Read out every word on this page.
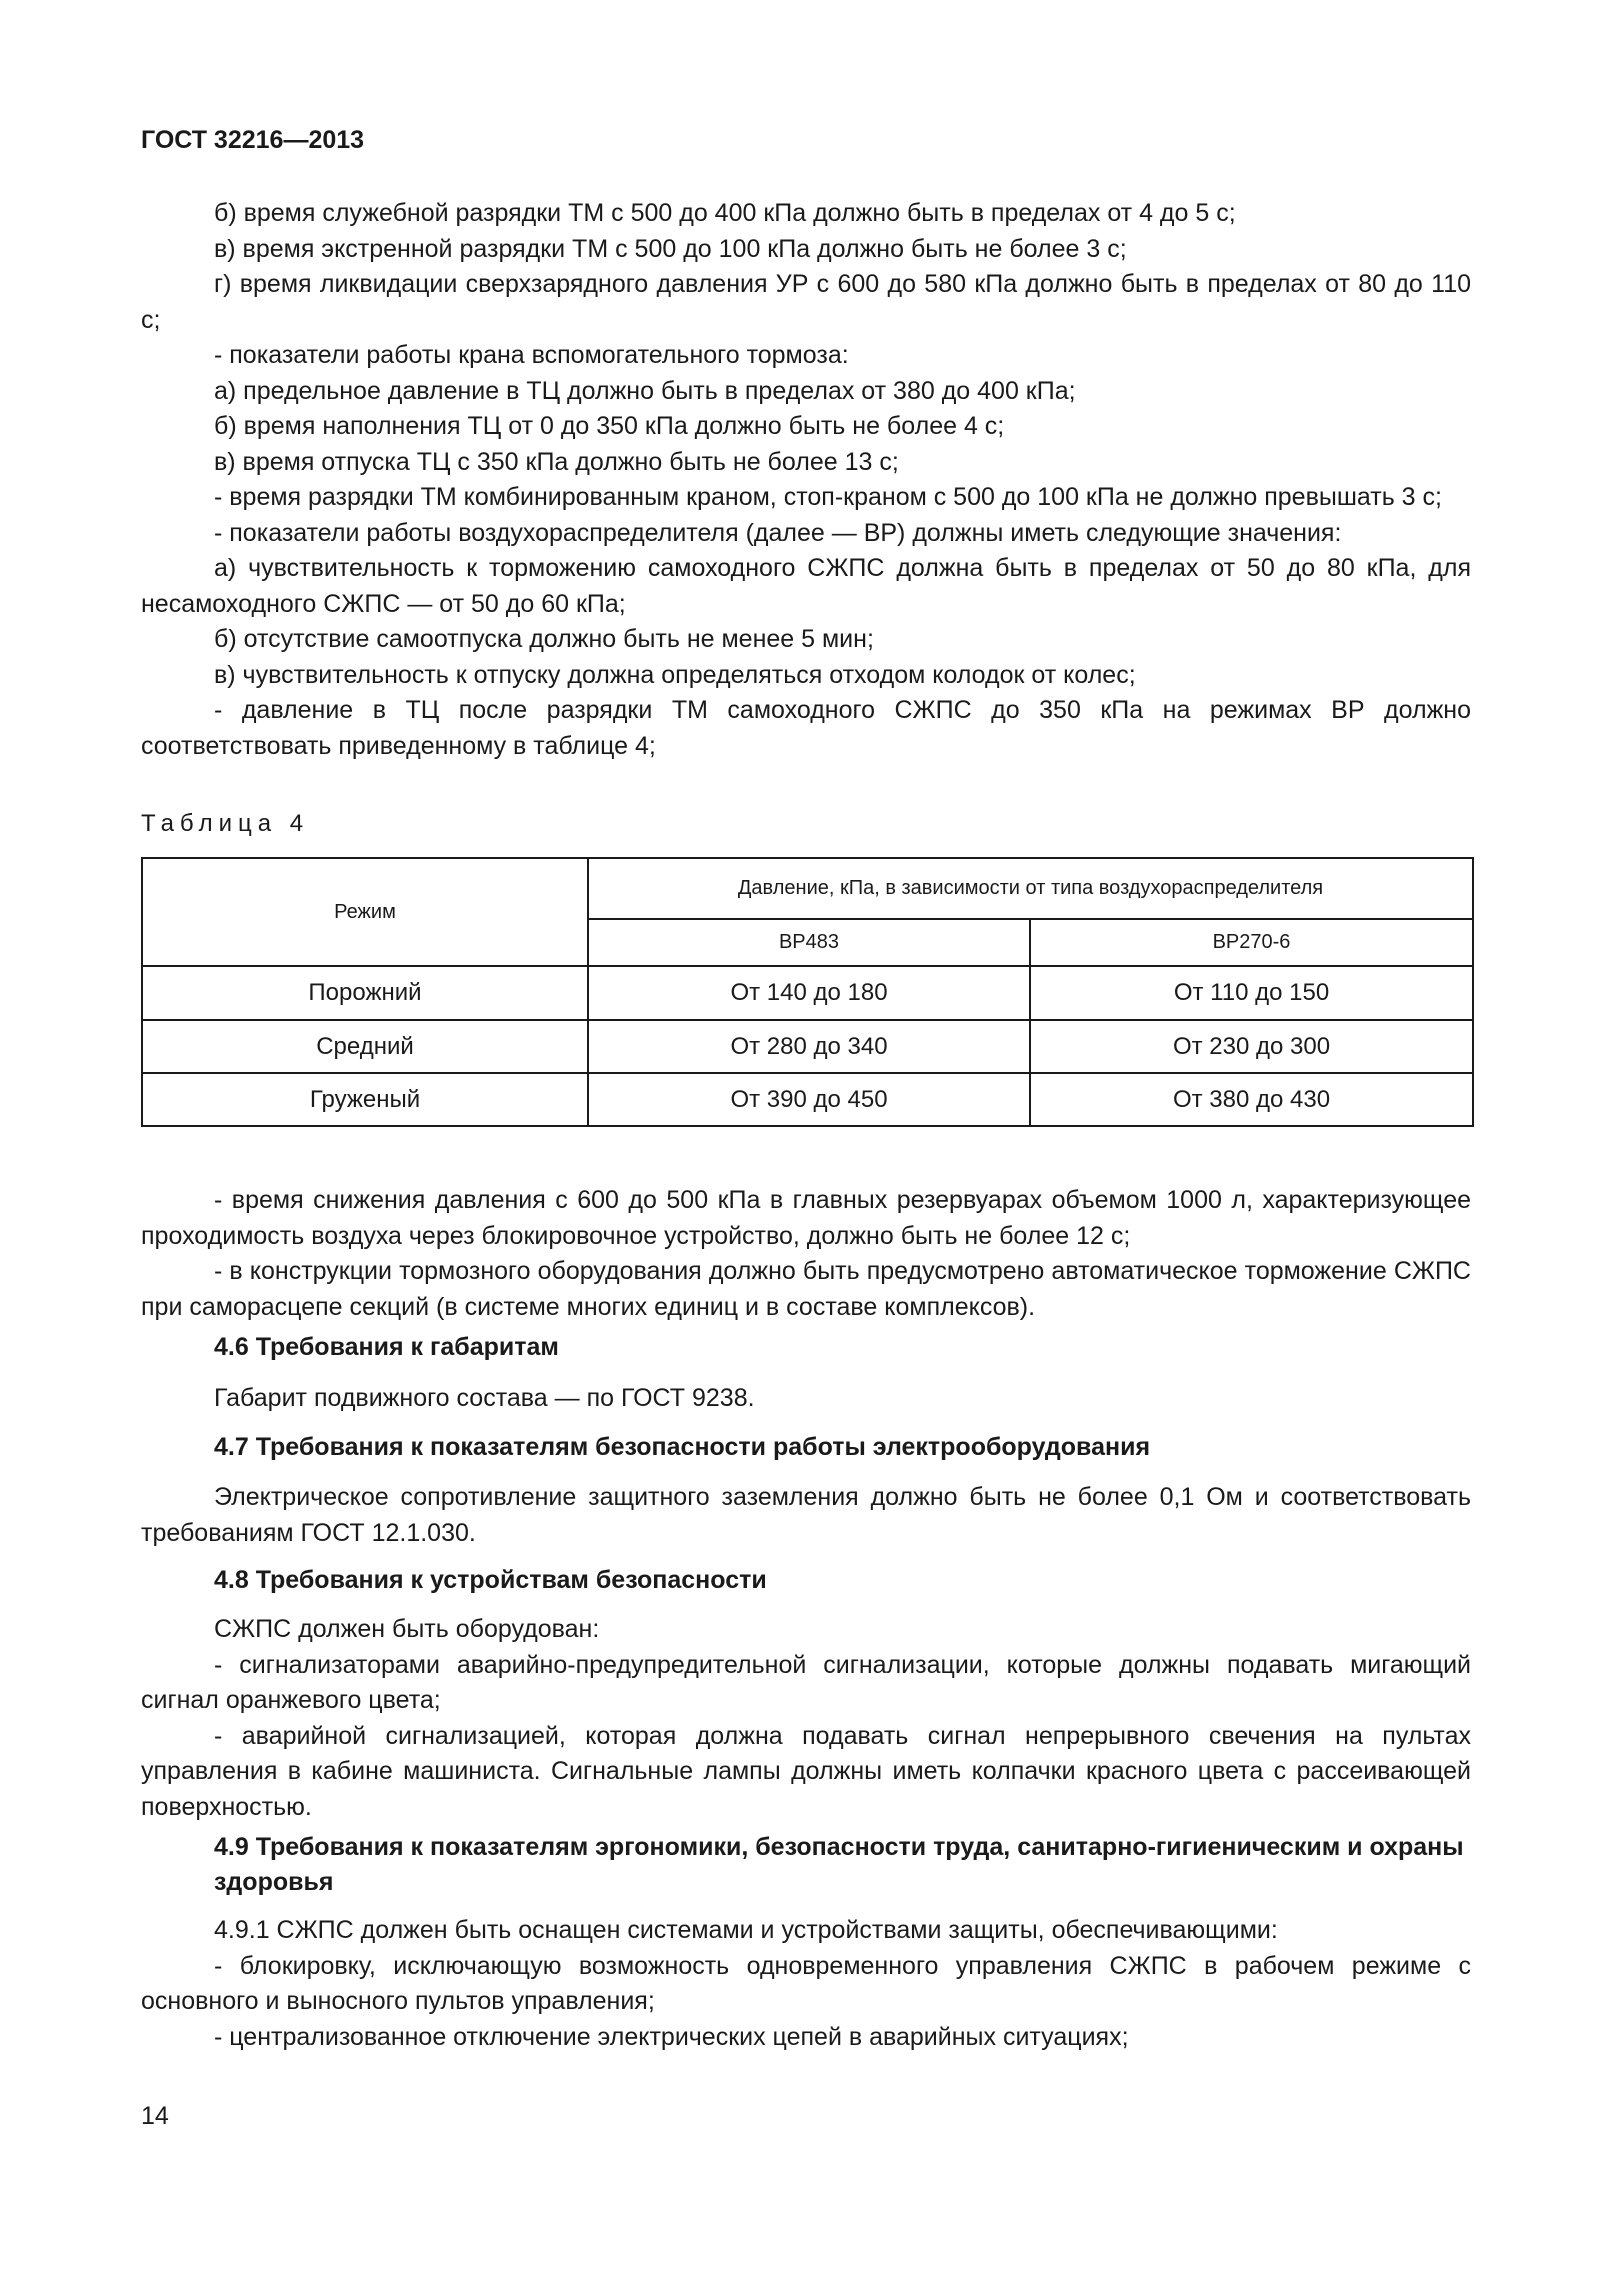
ГОСТ 32216—2013

б) время служебной разрядки ТМ с 500 до 400 кПа должно быть в пределах от 4 до 5 с;

в) время экстренной разрядки ТМ с 500 до 100 кПа должно быть не более 3 с;

г) время ликвидации сверхзарядного давления УР с 600 до 580 кПа должно быть в пределах от 80 до 110 с;

- показатели работы крана вспомогательного тормоза:

а) предельное давление в ТЦ должно быть в пределах от 380 до 400 кПа;

б) время наполнения ТЦ от 0 до 350 кПа должно быть не более 4 с;

в) время отпуска ТЦ с 350 кПа должно быть не более 13 с;

- время разрядки ТМ комбинированным краном, стоп-краном с 500 до 100 кПа не должно превышать 3 с;

- показатели работы воздухораспределителя (далее — ВР) должны иметь следующие значения:

а) чувствительность к торможению самоходного СЖПС должна быть в пределах от 50 до 80 кПа, для несамоходного СЖПС — от 50 до 60 кПа;

б) отсутствие самоотпуска должно быть не менее 5 мин;

в) чувствительность к отпуску должна определяться отходом колодок от колес;

- давление в ТЦ после разрядки ТМ самоходного СЖПС до 350 кПа на режимах ВР должно соответствовать приведенному в таблице 4;

Таблица 4
Режим	Давление, кПа, в зависимости от типа воздухораспределителя	
	ВР483	ВР270-6
Порожний	От 140 до 180	От 110 до 150
Средний	От 280 до 340	От 230 до 300
Груженый	От 390 до 450	От 380 до 430

- время снижения давления с 600 до 500 кПа в главных резервуарах объемом 1000 л, характеризующее проходимость воздуха через блокировочное устройство, должно быть не более 12 с;

- в конструкции тормозного оборудования должно быть предусмотрено автоматическое торможение СЖПС при саморасцепе секций (в системе многих единиц и в составе комплексов).

4.6 Требования к габаритам

Габарит подвижного состава — по ГОСТ 9238.

4.7 Требования к показателям безопасности работы электрооборудования

Электрическое сопротивление защитного заземления должно быть не более 0,1 Ом и соответствовать требованиям ГОСТ 12.1.030.

4.8 Требования к устройствам безопасности

СЖПС должен быть оборудован:

- сигнализаторами аварийно-предупредительной сигнализации, которые должны подавать мигающий сигнал оранжевого цвета;

- аварийной сигнализацией, которая должна подавать сигнал непрерывного свечения на пультах управления в кабине машиниста. Сигнальные лампы должны иметь колпачки красного цвета с рассеивающей поверхностью.

4.9 Требования к показателям эргономики, безопасности труда, санитарно-гигиеническим и охраны здоровья

4.9.1 СЖПС должен быть оснащен системами и устройствами защиты, обеспечивающими:

- блокировку, исключающую возможность одновременного управления СЖПС в рабочем режиме с основного и выносного пультов управления;

- централизованное отключение электрических цепей в аварийных ситуациях;

14
